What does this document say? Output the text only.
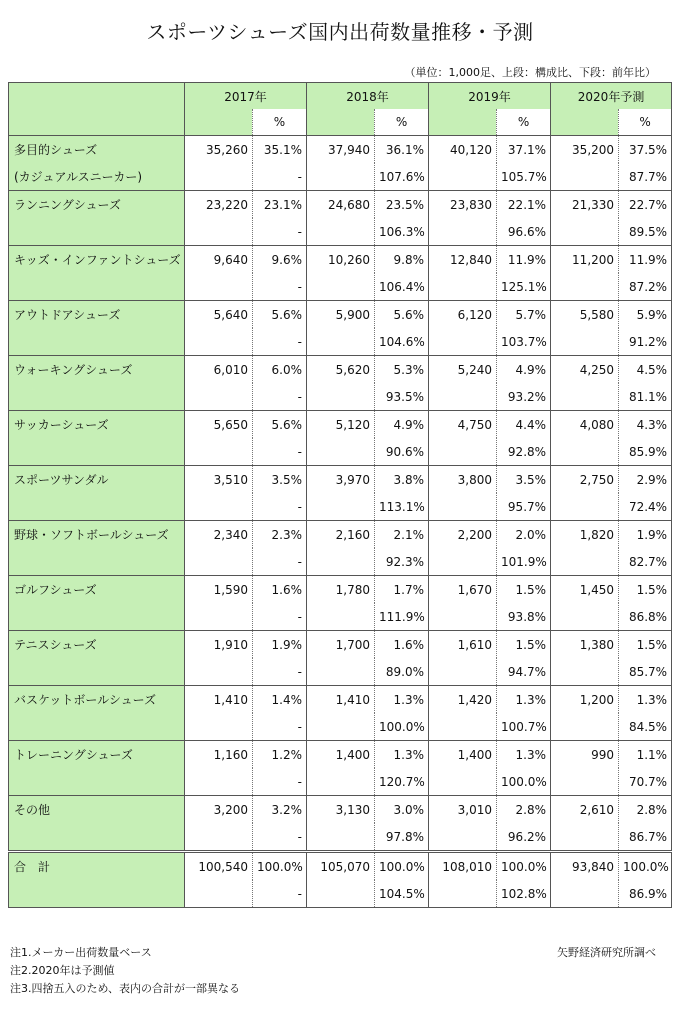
スポーツシューズ国内出荷数量推移・予測
（単位：1,000足、上段：構成比、下段：前年比）
	2017年		2018年		2019年		2020年予測	
		%		%		%		%
多目的シューズ	35,260	35.1%	37,940	36.1%	40,120	37.1%	35,200	37.5%
(カジュアルスニーカー)		-		107.6%		105.7%		87.7%
ランニングシューズ	23,220	23.1%	24,680	23.5%	23,830	22.1%	21,330	22.7%
		-		106.3%		96.6%		89.5%
キッズ・インファントシューズ	9,640	9.6%	10,260	9.8%	12,840	11.9%	11,200	11.9%
		-		106.4%		125.1%		87.2%
アウトドアシューズ	5,640	5.6%	5,900	5.6%	6,120	5.7%	5,580	5.9%
		-		104.6%		103.7%		91.2%
ウォーキングシューズ	6,010	6.0%	5,620	5.3%	5,240	4.9%	4,250	4.5%
		-		93.5%		93.2%		81.1%
サッカーシューズ	5,650	5.6%	5,120	4.9%	4,750	4.4%	4,080	4.3%
		-		90.6%		92.8%		85.9%
スポーツサンダル	3,510	3.5%	3,970	3.8%	3,800	3.5%	2,750	2.9%
		-		113.1%		95.7%		72.4%
野球・ソフトボールシューズ	2,340	2.3%	2,160	2.1%	2,200	2.0%	1,820	1.9%
		-		92.3%		101.9%		82.7%
ゴルフシューズ	1,590	1.6%	1,780	1.7%	1,670	1.5%	1,450	1.5%
		-		111.9%		93.8%		86.8%
テニスシューズ	1,910	1.9%	1,700	1.6%	1,610	1.5%	1,380	1.5%
		-		89.0%		94.7%		85.7%
バスケットボールシューズ	1,410	1.4%	1,410	1.3%	1,420	1.3%	1,200	1.3%
		-		100.0%		100.7%		84.5%
トレーニングシューズ	1,160	1.2%	1,400	1.3%	1,400	1.3%	990	1.1%
		-		120.7%		100.0%		70.7%
その他	3,200	3.2%	3,130	3.0%	3,010	2.8%	2,610	2.8%
		-		97.8%		96.2%		86.7%
合　計	100,540	100.0%	105,070	100.0%	108,010	100.0%	93,840	100.0%
		-		104.5%		102.8%		86.9%
注1.メーカー出荷数量ベース
注2.2020年は予測値
注3.四捨五入のため、表内の合計が一部異なる
矢野経済研究所調べ
